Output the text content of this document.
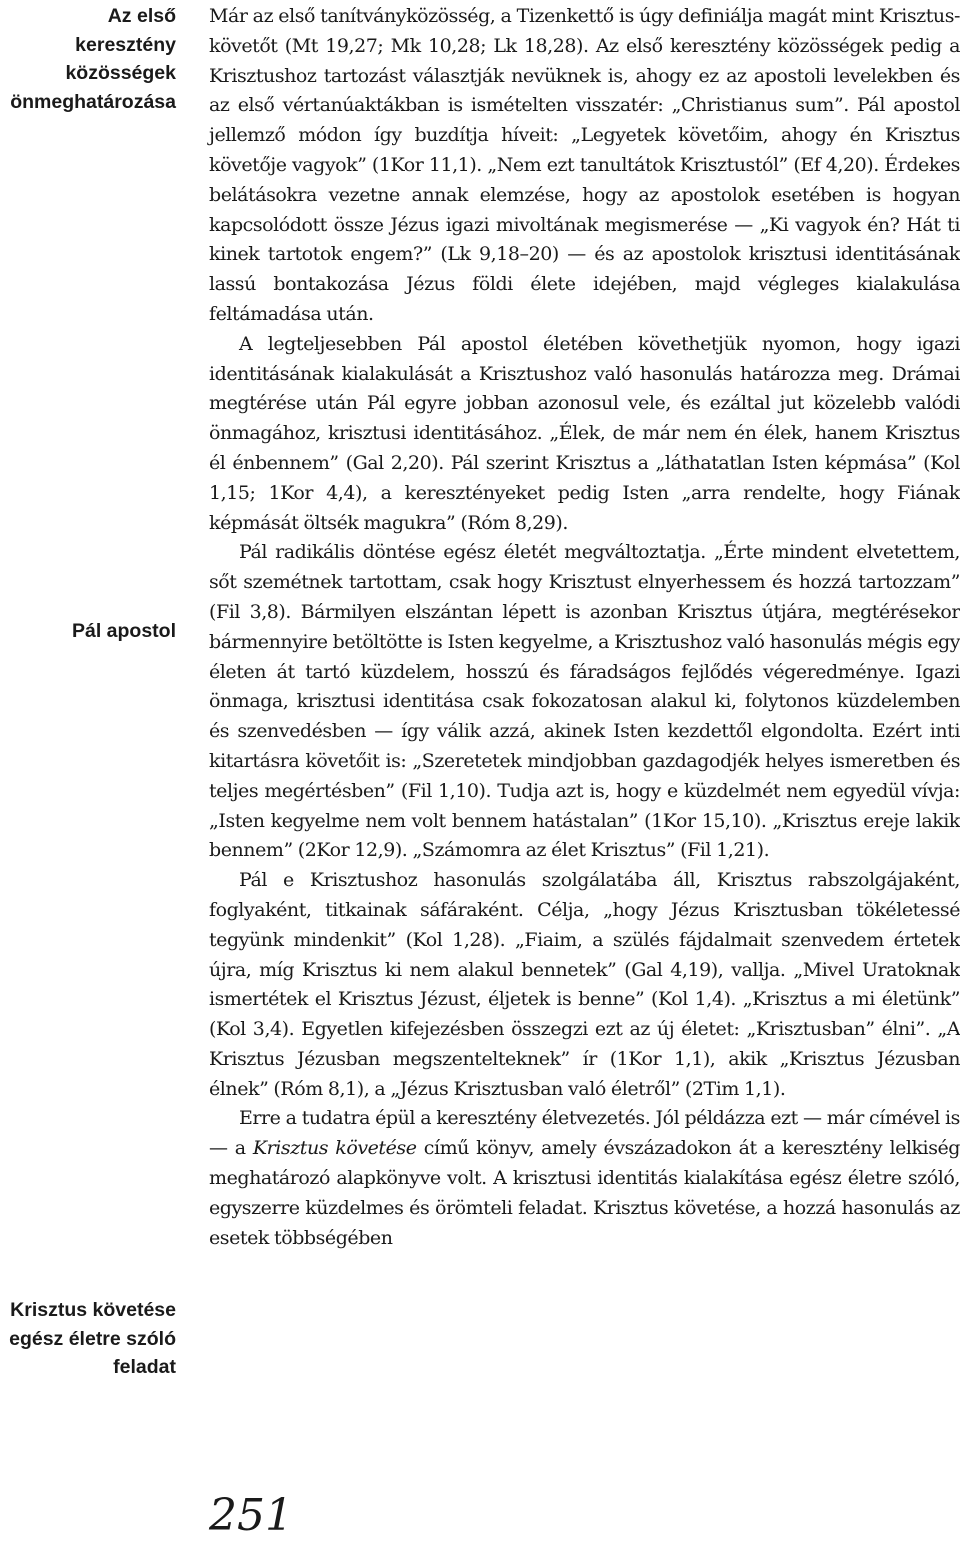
Az első keresztény közösségek önmeghatározása
Pál apostol
Krisztus követése egész életre szóló feladat

Már az első tanítványközösség, a Tizenkettő is úgy definiálja magát mint Krisztus-követőt (Mt 19,27; Mk 10,28; Lk 18,28). Az első keresztény közösségek pedig a Krisztushoz tartozást választják nevüknek is, ahogy ez az apostoli levelekben és az első vértanúaktákban is ismételten visszatér: „Christianus sum”. Pál apostol jellemző módon így buzdítja híveit: „Legyetek követőim, ahogy én Krisztus követője vagyok” (1Kor 11,1). „Nem ezt tanultátok Krisztustól” (Ef 4,20). Érdekes belátásokra vezetne annak elemzése, hogy az apostolok esetében is hogyan kapcsolódott össze Jézus igazi mivoltának megismerése — „Ki vagyok én? Hát ti kinek tartotok engem?” (Lk 9,18–20) — és az apostolok krisztusi identitásának lassú bontakozása Jézus földi élete idejében, majd végleges kialakulása feltámadása után.

A legteljesebben Pál apostol életében követhetjük nyomon, hogy igazi identitásának kialakulását a Krisztushoz való hasonulás határozza meg. Drámai megtérése után Pál egyre jobban azonosul vele, és ezáltal jut közelebb valódi önmagához, krisztusi identitásához. „Élek, de már nem én élek, hanem Krisztus él énbennem” (Gal 2,20). Pál szerint Krisztus a „láthatatlan Isten képmása” (Kol 1,15; 1Kor 4,4), a keresztényeket pedig Isten „arra rendelte, hogy Fiának képmását öltsék magukra” (Róm 8,29).

Pál radikális döntése egész életét megváltoztatja. „Érte mindent elvetettem, sőt szemétnek tartottam, csak hogy Krisztust elnyerhessem és hozzá tartozzam” (Fil 3,8). Bármilyen elszántan lépett is azonban Krisztus útjára, megtérésekor bármennyire betöltötte is Isten kegyelme, a Krisztushoz való hasonulás mégis egy életen át tartó küzdelem, hosszú és fáradságos fejlődés végeredménye. Igazi önmaga, krisztusi identitása csak fokozatosan alakul ki, folytonos küzdelemben és szenvedésben — így válik azzá, akinek Isten kezdettől elgondolta. Ezért inti kitartásra követőit is: „Szeretetek mindjobban gazdagodjék helyes ismeretben és teljes megértésben” (Fil 1,10). Tudja azt is, hogy e küzdelmét nem egyedül vívja: „Isten kegyelme nem volt bennem hatástalan” (1Kor 15,10). „Krisztus ereje lakik bennem” (2Kor 12,9). „Számomra az élet Krisztus” (Fil 1,21).

Pál e Krisztushoz hasonulás szolgálatába áll, Krisztus rabszolgájaként, foglyaként, titkainak sáfáraként. Célja, „hogy Jézus Krisztusban tökéletessé tegyünk mindenkit” (Kol 1,28). „Fiaim, a szülés fájdalmait szenvedem értetek újra, míg Krisztus ki nem alakul bennetek” (Gal 4,19), vallja. „Mivel Uratoknak ismertétek el Krisztus Jézust, éljetek is benne” (Kol 1,4). „Krisztus a mi életünk” (Kol 3,4). Egyetlen kifejezésben összegzi ezt az új életet: „Krisztusban” élni”. „A Krisztus Jézusban megszentelteknek” ír (1Kor 1,1), akik „Krisztus Jézusban élnek” (Róm 8,1), a „Jézus Krisztusban való életről” (2Tim 1,1).

Erre a tudatra épül a keresztény életvezetés. Jól példázza ezt — már címével is — a Krisztus követése című könyv, amely évszázadokon át a keresztény lelkiség meghatározó alapkönyve volt. A krisztusi identitás kialakítása egész életre szóló, egyszerre küzdelmes és örömteli feladat. Krisztus követése, a hozzá hasonulás az esetek többségében

251
